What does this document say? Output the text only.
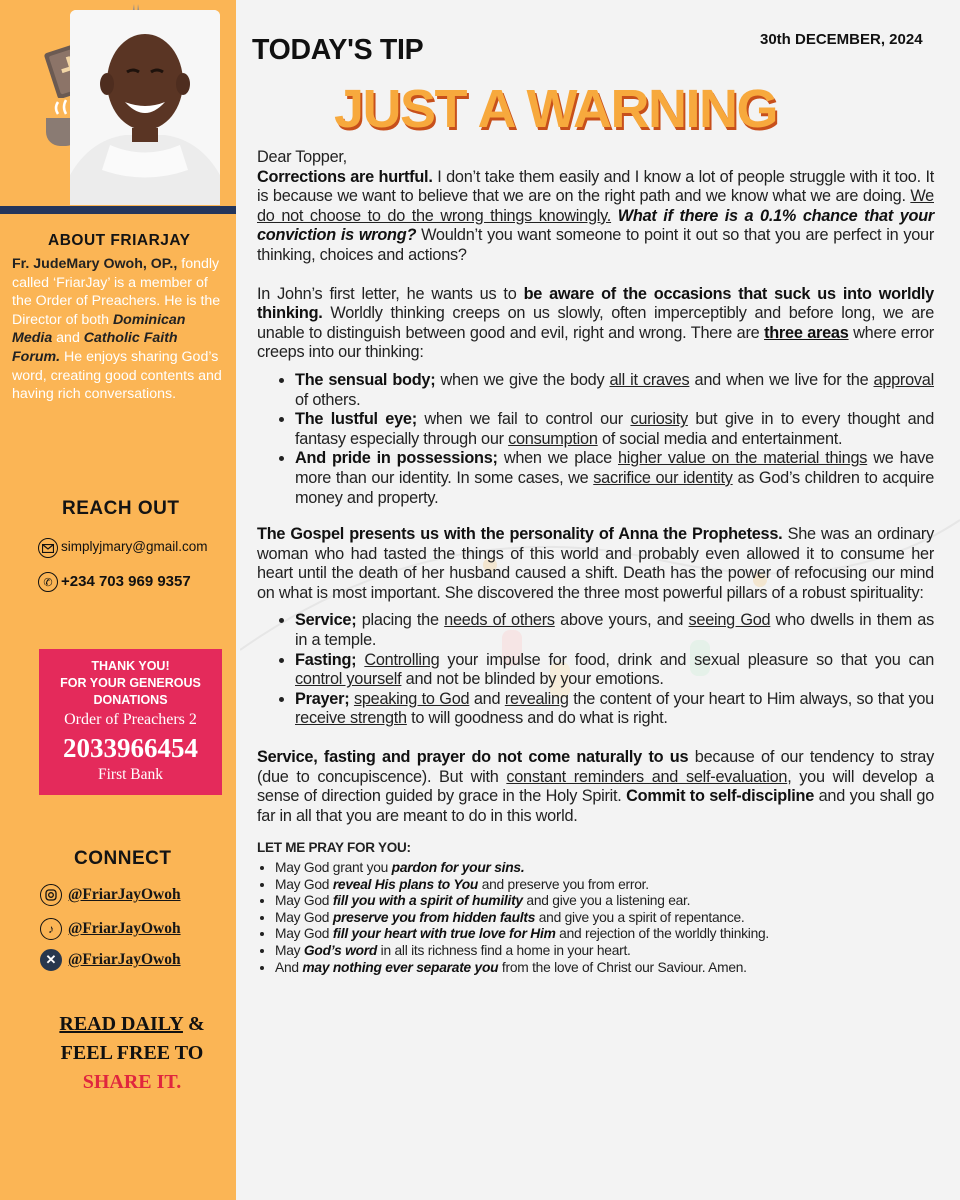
ABOUT FRIARJAY
Fr. JudeMary Owoh, OP., fondly called ‘FriarJay’ is a member of the Order of Preachers. He is the Director of both Dominican Media and Catholic Faith Forum. He enjoys sharing God’s word, creating good contents and having rich conversations.
REACH OUT
simplyjmary@gmail.com
✆ +234 703 969 9357
THANK YOU!
FOR YOUR GENEROUS
DONATIONS
Order of Preachers 2
2033966454
First Bank
CONNECT
@FriarJayOwoh
♪ @FriarJayOwoh
✕ @FriarJayOwoh
READ DAILY &
FEEL FREE TO
SHARE IT.
TODAY'S TIP	30th DECEMBER, 2024
JUST A WARNING

Dear Topper,
Corrections are hurtful. I don’t take them easily and I know a lot of people struggle with it too. It is because we want to believe that we are on the right path and we know what we are doing. We do not choose to do the wrong things knowingly. What if there is a 0.1% chance that your conviction is wrong? Wouldn’t you want someone to point it out so that you are perfect in your thinking, choices and actions?

In John’s first letter, he wants us to be aware of the occasions that suck us into worldly thinking. Worldly thinking creeps on us slowly, often imperceptibly and before long, we are unable to distinguish between good and evil, right and wrong. There are three areas where error creeps into our thinking:

• The sensual body; when we give the body all it craves and when we live for the approval of others.
• The lustful eye; when we fail to control our curiosity but give in to every thought and fantasy especially through our consumption of social media and entertainment.
• And pride in possessions; when we place higher value on the material things we have more than our identity. In some cases, we sacrifice our identity as God’s children to acquire money and property.

The Gospel presents us with the personality of Anna the Prophetess. She was an ordinary woman who had tasted the things of this world and probably even allowed it to consume her heart until the death of her husband caused a shift. Death has the power of refocusing our mind on what is most important. She discovered the three most powerful pillars of a robust spirituality:

• Service; placing the needs of others above yours, and seeing God who dwells in them as in a temple.
• Fasting; Controlling your impulse for food, drink and sexual pleasure so that you can control yourself and not be blinded by your emotions.
• Prayer; speaking to God and revealing the content of your heart to Him always, so that you receive strength to will goodness and do what is right.

Service, fasting and prayer do not come naturally to us because of our tendency to stray (due to concupiscence). But with constant reminders and self-evaluation, you will develop a sense of direction guided by grace in the Holy Spirit. Commit to self-discipline and you shall go far in all that you are meant to do in this world.

LET ME PRAY FOR YOU:
• May God grant you pardon for your sins.
• May God reveal His plans to You and preserve you from error.
• May God fill you with a spirit of humility and give you a listening ear.
• May God preserve you from hidden faults and give you a spirit of repentance.
• May God fill your heart with true love for Him and rejection of the worldly thinking.
• May God’s word in all its richness find a home in your heart.
• And may nothing ever separate you from the love of Christ our Saviour. Amen.
